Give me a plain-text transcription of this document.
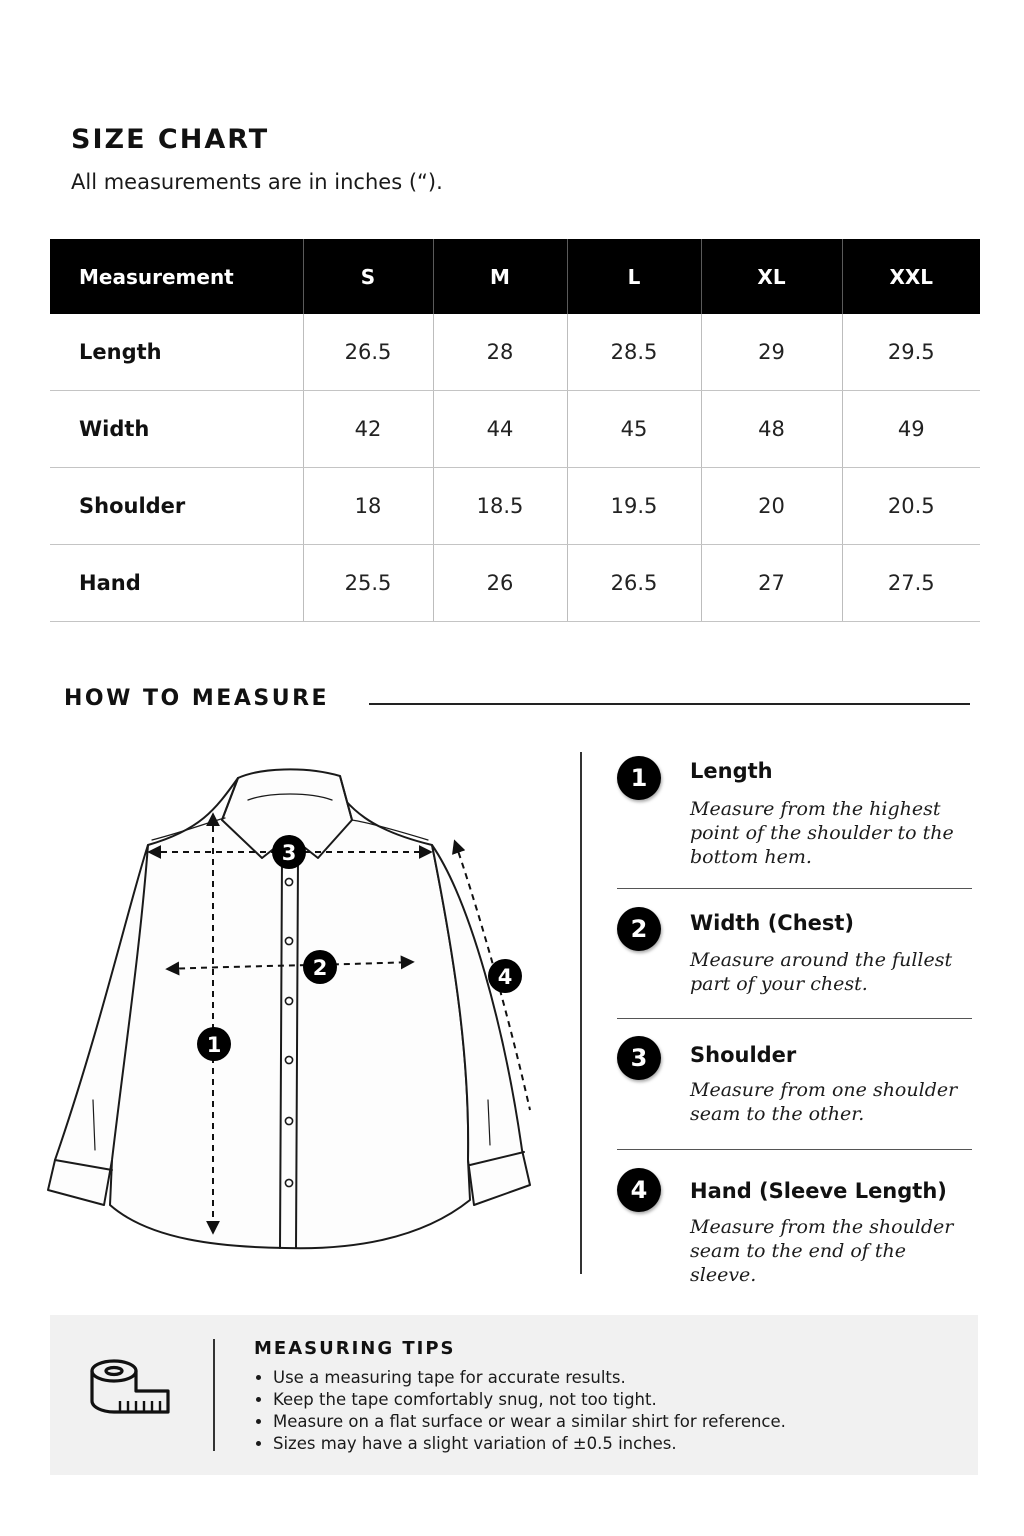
SIZE CHART
All measurements are in inches (“).
Measurement	S	M	L	XL	XXL
Length	26.5	28	28.5	29	29.5
Width	42	44	45	48	49
Shoulder	18	18.5	19.5	20	20.5
Hand	25.5	26	26.5	27	27.5
HOW TO MEASURE
1
2
3
4
1	Length
Measure from the highest point of the shoulder to the bottom hem.
2	Width (Chest)
Measure around the fullest part of your chest.
3	Shoulder
Measure from one shoulder seam to the other.
4	Hand (Sleeve Length)
Measure from the shoulder seam to the end of the sleeve.
MEASURING TIPS
• Use a measuring tape for accurate results.
• Keep the tape comfortably snug, not too tight.
• Measure on a flat surface or wear a similar shirt for reference.
• Sizes may have a slight variation of ±0.5 inches.
